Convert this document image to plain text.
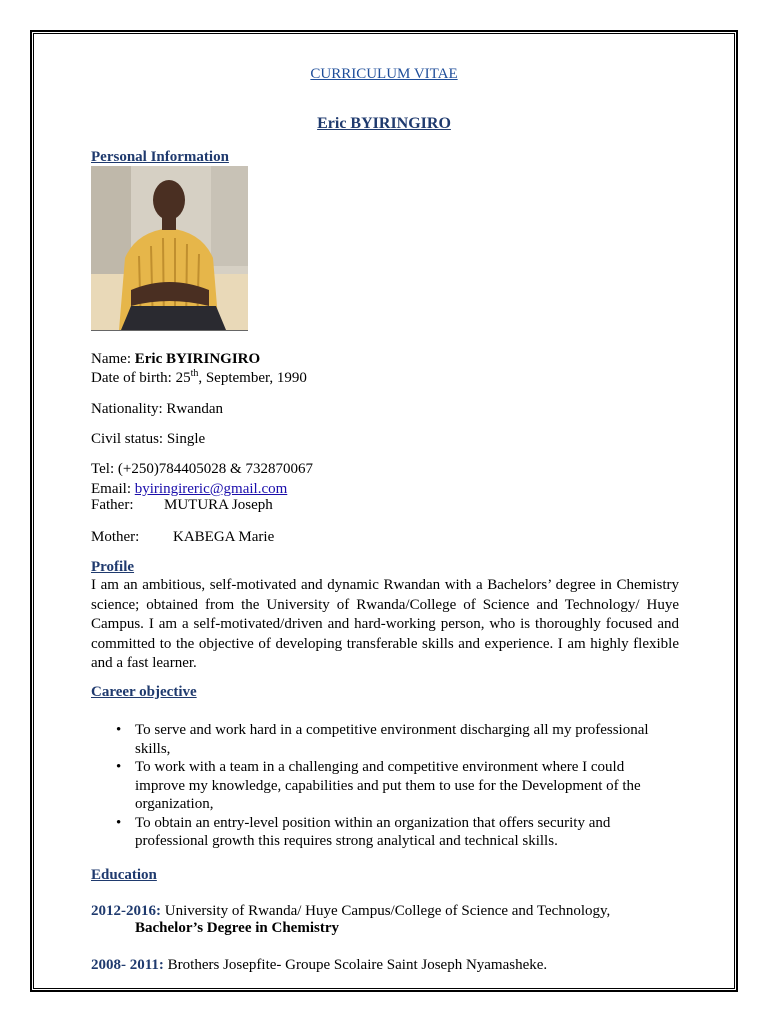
CURRICULUM VITAE
Eric BYIRINGIRO
Personal Information
Name: Eric BYIRINGIRO
Date of birth: 25th, September, 1990
Nationality: Rwandan
Civil status: Single
Tel: (+250)784405028 & 732870067
Email: byiringireric@gmail.com
Father: MUTURA Joseph
Mother: KABEGA Marie
Profile
I am an ambitious, self-motivated and dynamic Rwandan with a Bachelors’ degree in Chemistry
science; obtained from the University of Rwanda/College of Science and Technology/ Huye
Campus. I am a self-motivated/driven and hard-working person, who is thoroughly focused and
committed to the objective of developing transferable skills and experience. I am highly flexible
and a fast learner.
Career objective
• To serve and work hard in a competitive environment discharging all my professional
skills,
• To work with a team in a challenging and competitive environment where I could
improve my knowledge, capabilities and put them to use for the Development of the
organization,
• To obtain an entry-level position within an organization that offers security and
professional growth this requires strong analytical and technical skills.
Education
2012-2016: University of Rwanda/ Huye Campus/College of Science and Technology,
Bachelor’s Degree in Chemistry
2008- 2011: Brothers Josepfite- Groupe Scolaire Saint Joseph Nyamasheke.
